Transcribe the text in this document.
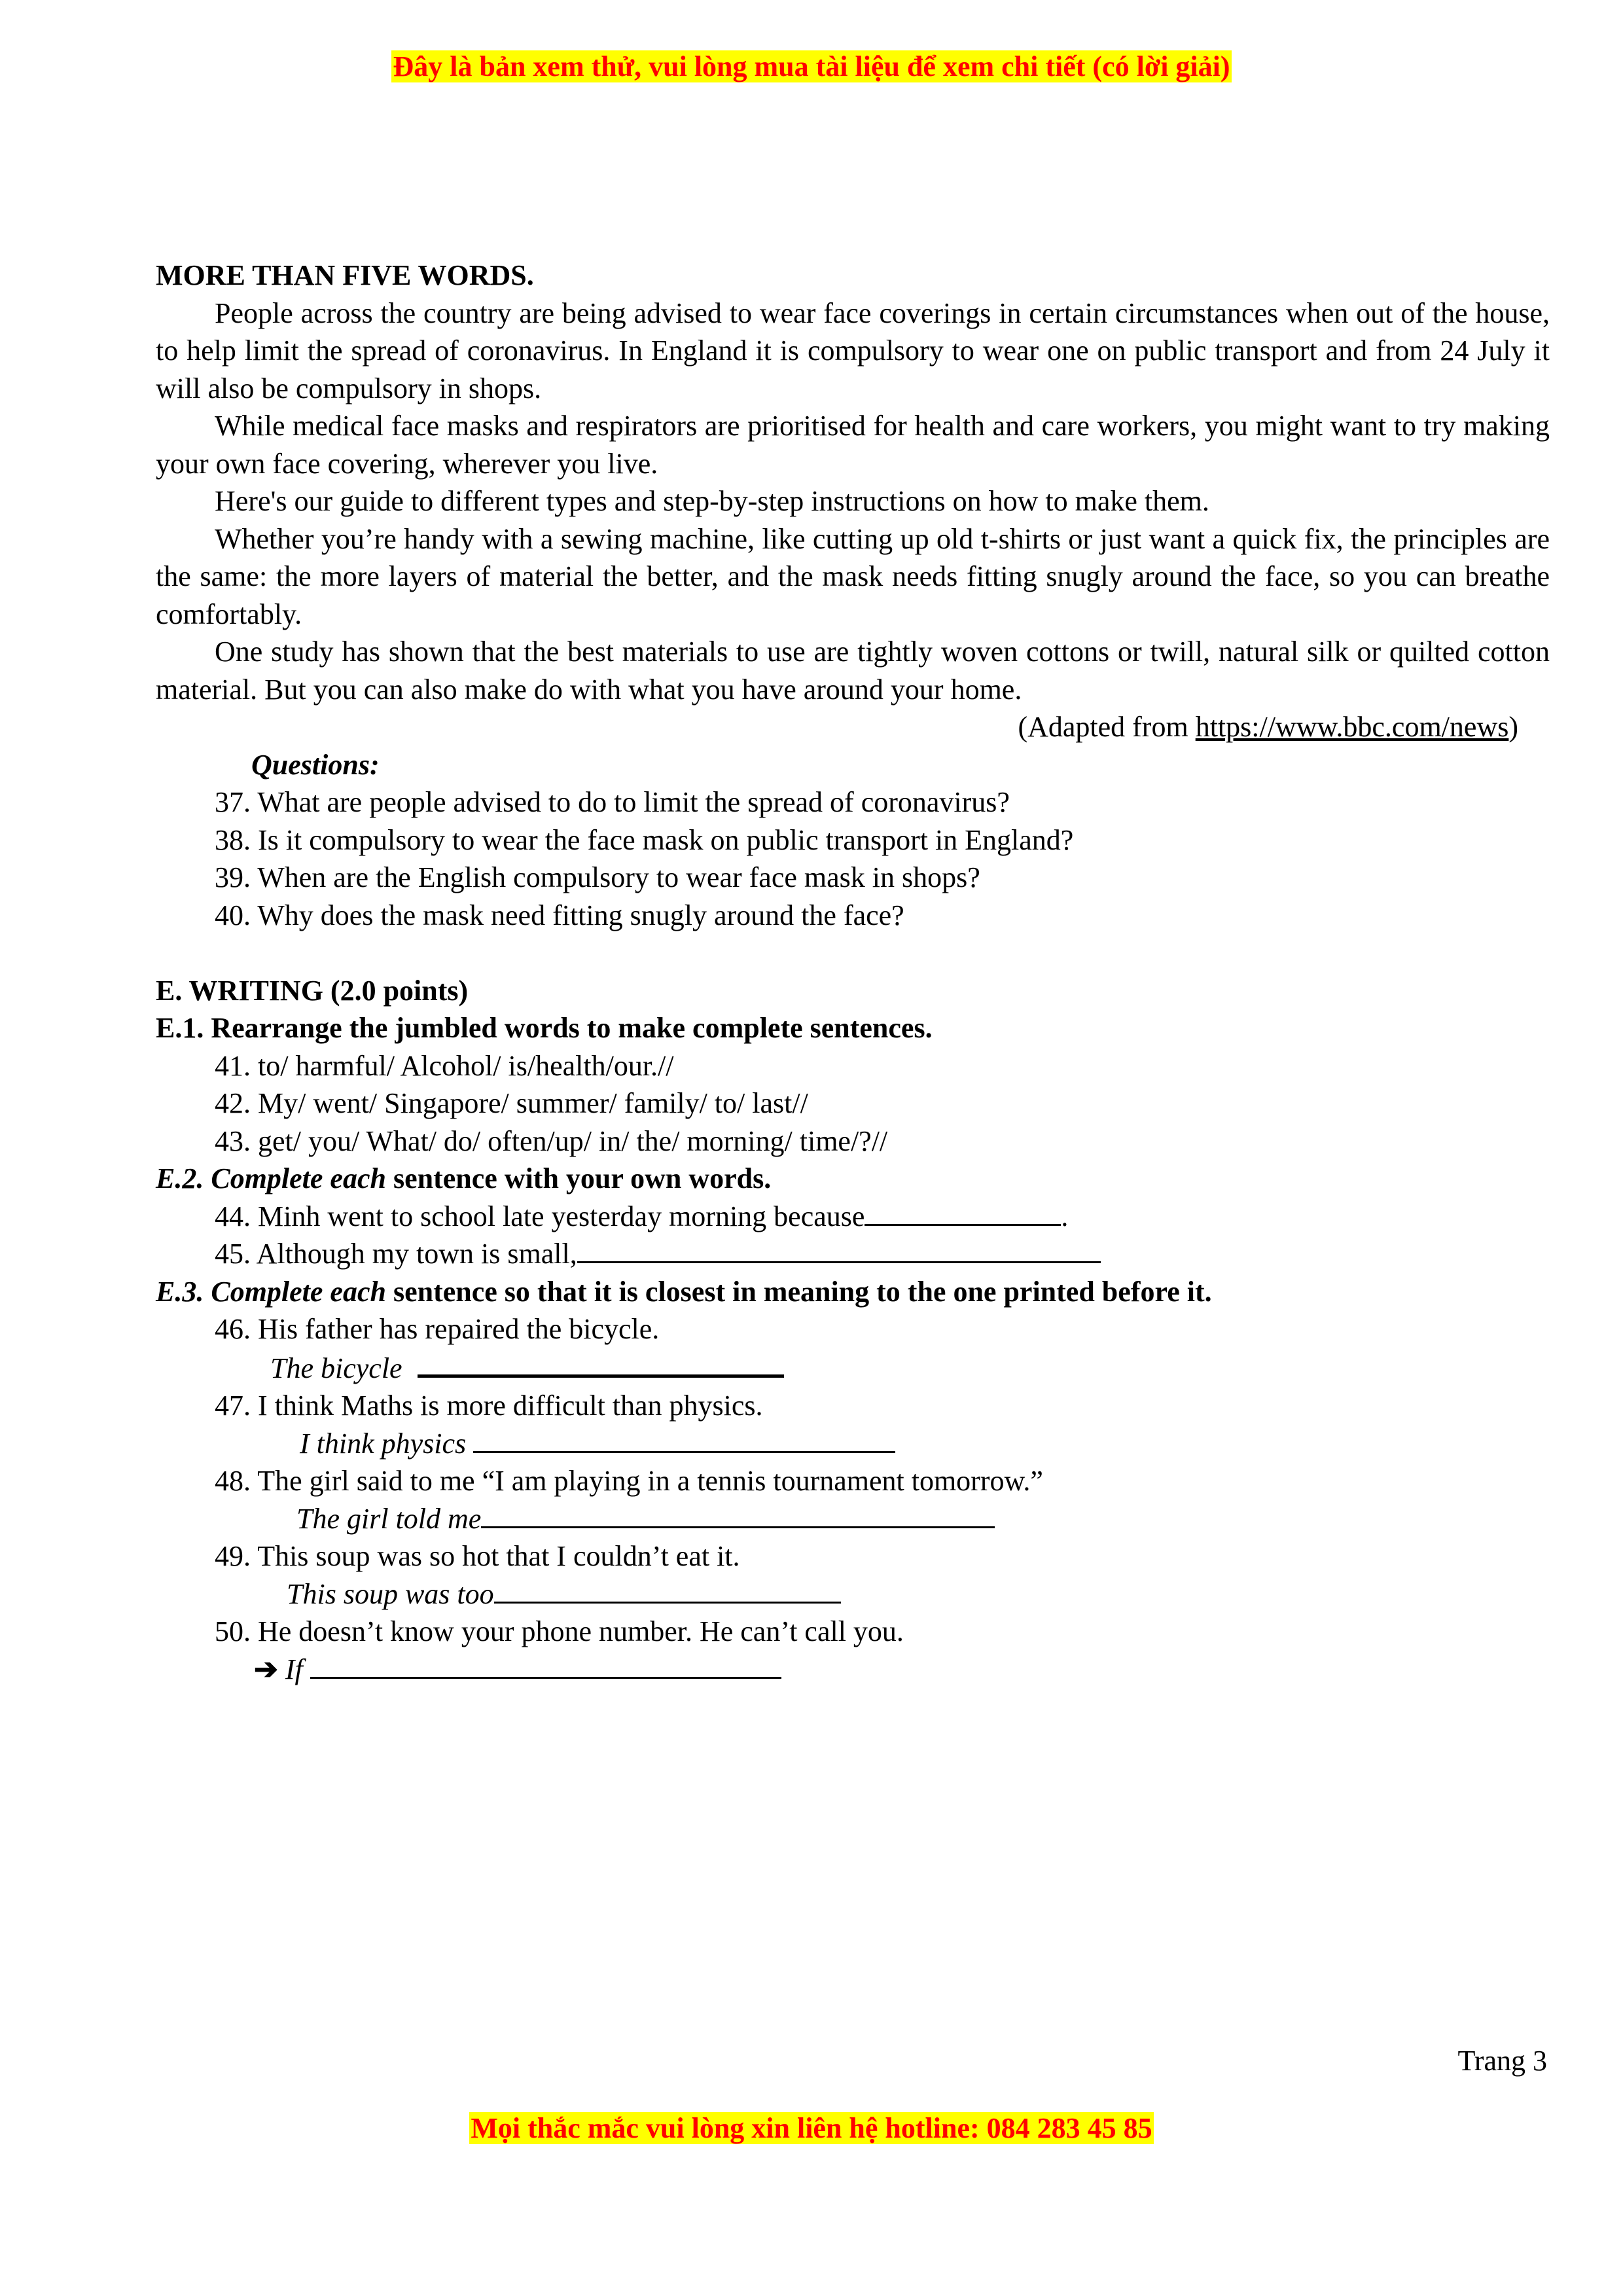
Đây là bản xem thử, vui lòng mua tài liệu để xem chi tiết (có lời giải)

MORE THAN FIVE WORDS.

People across the country are being advised to wear face coverings in certain circumstances when out of the house, to help limit the spread of coronavirus. In England it is compulsory to wear one on public transport and from 24 July it will also be compulsory in shops.

While medical face masks and respirators are prioritised for health and care workers, you might want to try making your own face covering, wherever you live.

Here's our guide to different types and step-by-step instructions on how to make them.

Whether you’re handy with a sewing machine, like cutting up old t-shirts or just want a quick fix, the principles are the same: the more layers of material the better, and the mask needs fitting snugly around the face, so you can breathe comfortably.

One study has shown that the best materials to use are tightly woven cottons or twill, natural silk or quilted cotton material. But you can also make do with what you have around your home.

(Adapted from https://www.bbc.com/news)

Questions:

37. What are people advised to do to limit the spread of coronavirus?

38. Is it compulsory to wear the face mask on public transport in England?

39. When are the English compulsory to wear face mask in shops?

40. Why does the mask need fitting snugly around the face?

E. WRITING (2.0 points)

E.1. Rearrange the jumbled words to make complete sentences.

41. to/ harmful/ Alcohol/ is/health/our.//

42. My/ went/ Singapore/ summer/ family/ to/ last//

43. get/ you/ What/ do/ often/up/ in/ the/ morning/ time/?//

E.2. Complete each sentence with your own words.

44. Minh went to school late yesterday morning because	.

45. Although my town is small,

E.3. Complete each sentence so that it is closest in meaning to the one printed before it.

46. His father has repaired the bicycle.

The bicycle

47. I think Maths is more difficult than physics.

I think physics

48. The girl said to me “I am playing in a tennis tournament tomorrow.”

The girl told me

49. This soup was so hot that I couldn’t eat it.

This soup was too

50. He doesn’t know your phone number. He can’t call you.

➔ If

Trang 3
Mọi thắc mắc vui lòng xin liên hệ hotline: 084 283 45 85
